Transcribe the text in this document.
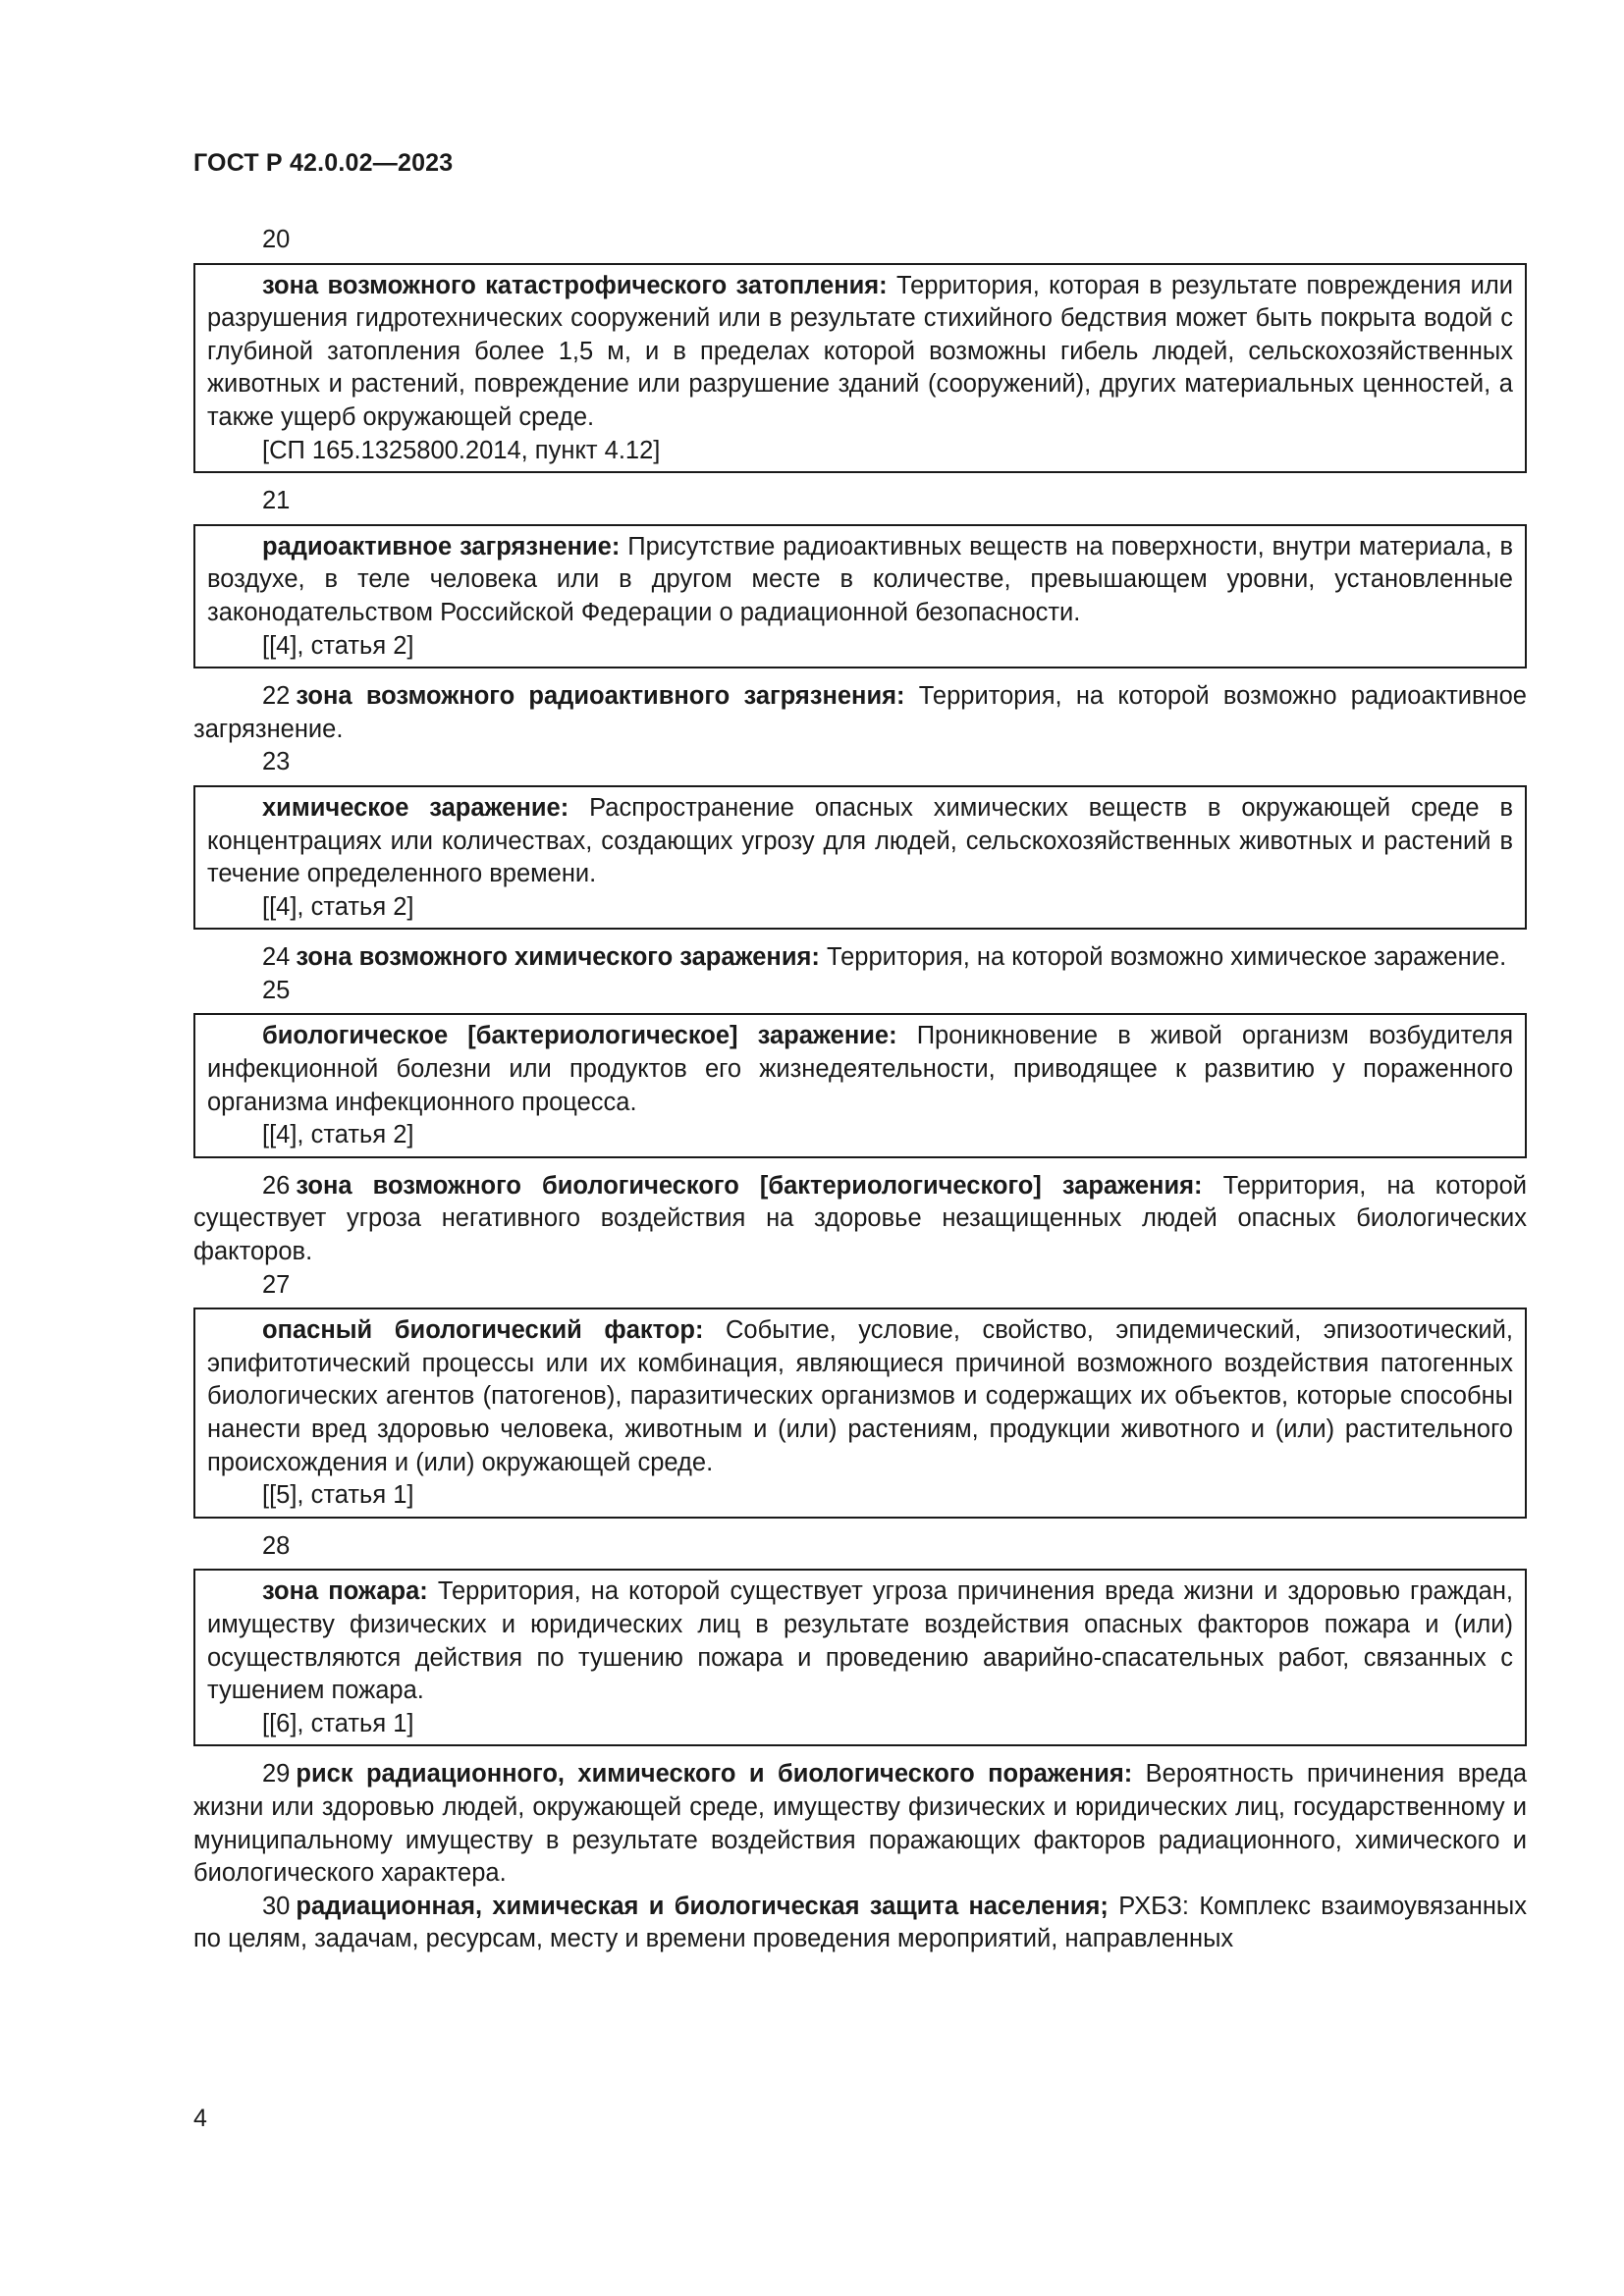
ГОСТ Р 42.0.02—2023
20
зона возможного катастрофического затопления: Территория, которая в результате повреждения или разрушения гидротехнических сооружений или в результате стихийного бедствия может быть покрыта водой с глубиной затопления более 1,5 м, и в пределах которой возможны гибель людей, сельскохозяйственных животных и растений, повреждение или разрушение зданий (сооружений), других материальных ценностей, а также ущерб окружающей среде.
[СП 165.1325800.2014, пункт 4.12]
21
радиоактивное загрязнение: Присутствие радиоактивных веществ на поверхности, внутри материала, в воздухе, в теле человека или в другом месте в количестве, превышающем уровни, установленные законодательством Российской Федерации о радиационной безопасности.
[[4], статья 2]
22 зона возможного радиоактивного загрязнения: Территория, на которой возможно радиоактивное загрязнение.
23
химическое заражение: Распространение опасных химических веществ в окружающей среде в концентрациях или количествах, создающих угрозу для людей, сельскохозяйственных животных и растений в течение определенного времени.
[[4], статья 2]
24 зона возможного химического заражения: Территория, на которой возможно химическое заражение.
25
биологическое [бактериологическое] заражение: Проникновение в живой организм возбудителя инфекционной болезни или продуктов его жизнедеятельности, приводящее к развитию у пораженного организма инфекционного процесса.
[[4], статья 2]
26 зона возможного биологического [бактериологического] заражения: Территория, на которой существует угроза негативного воздействия на здоровье незащищенных людей опасных биологических факторов.
27
опасный биологический фактор: Событие, условие, свойство, эпидемический, эпизоотический, эпифитотический процессы или их комбинация, являющиеся причиной возможного воздействия патогенных биологических агентов (патогенов), паразитических организмов и содержащих их объектов, которые способны нанести вред здоровью человека, животным и (или) растениям, продукции животного и (или) растительного происхождения и (или) окружающей среде.
[[5], статья 1]
28
зона пожара: Территория, на которой существует угроза причинения вреда жизни и здоровью граждан, имуществу физических и юридических лиц в результате воздействия опасных факторов пожара и (или) осуществляются действия по тушению пожара и проведению аварийно-спасательных работ, связанных с тушением пожара.
[[6], статья 1]
29 риск радиационного, химического и биологического поражения: Вероятность причинения вреда жизни или здоровью людей, окружающей среде, имуществу физических и юридических лиц, государственному и муниципальному имуществу в результате воздействия поражающих факторов радиационного, химического и биологического характера.
30 радиационная, химическая и биологическая защита населения; РХБЗ: Комплекс взаимоувязанных по целям, задачам, ресурсам, месту и времени проведения мероприятий, направленных
4
